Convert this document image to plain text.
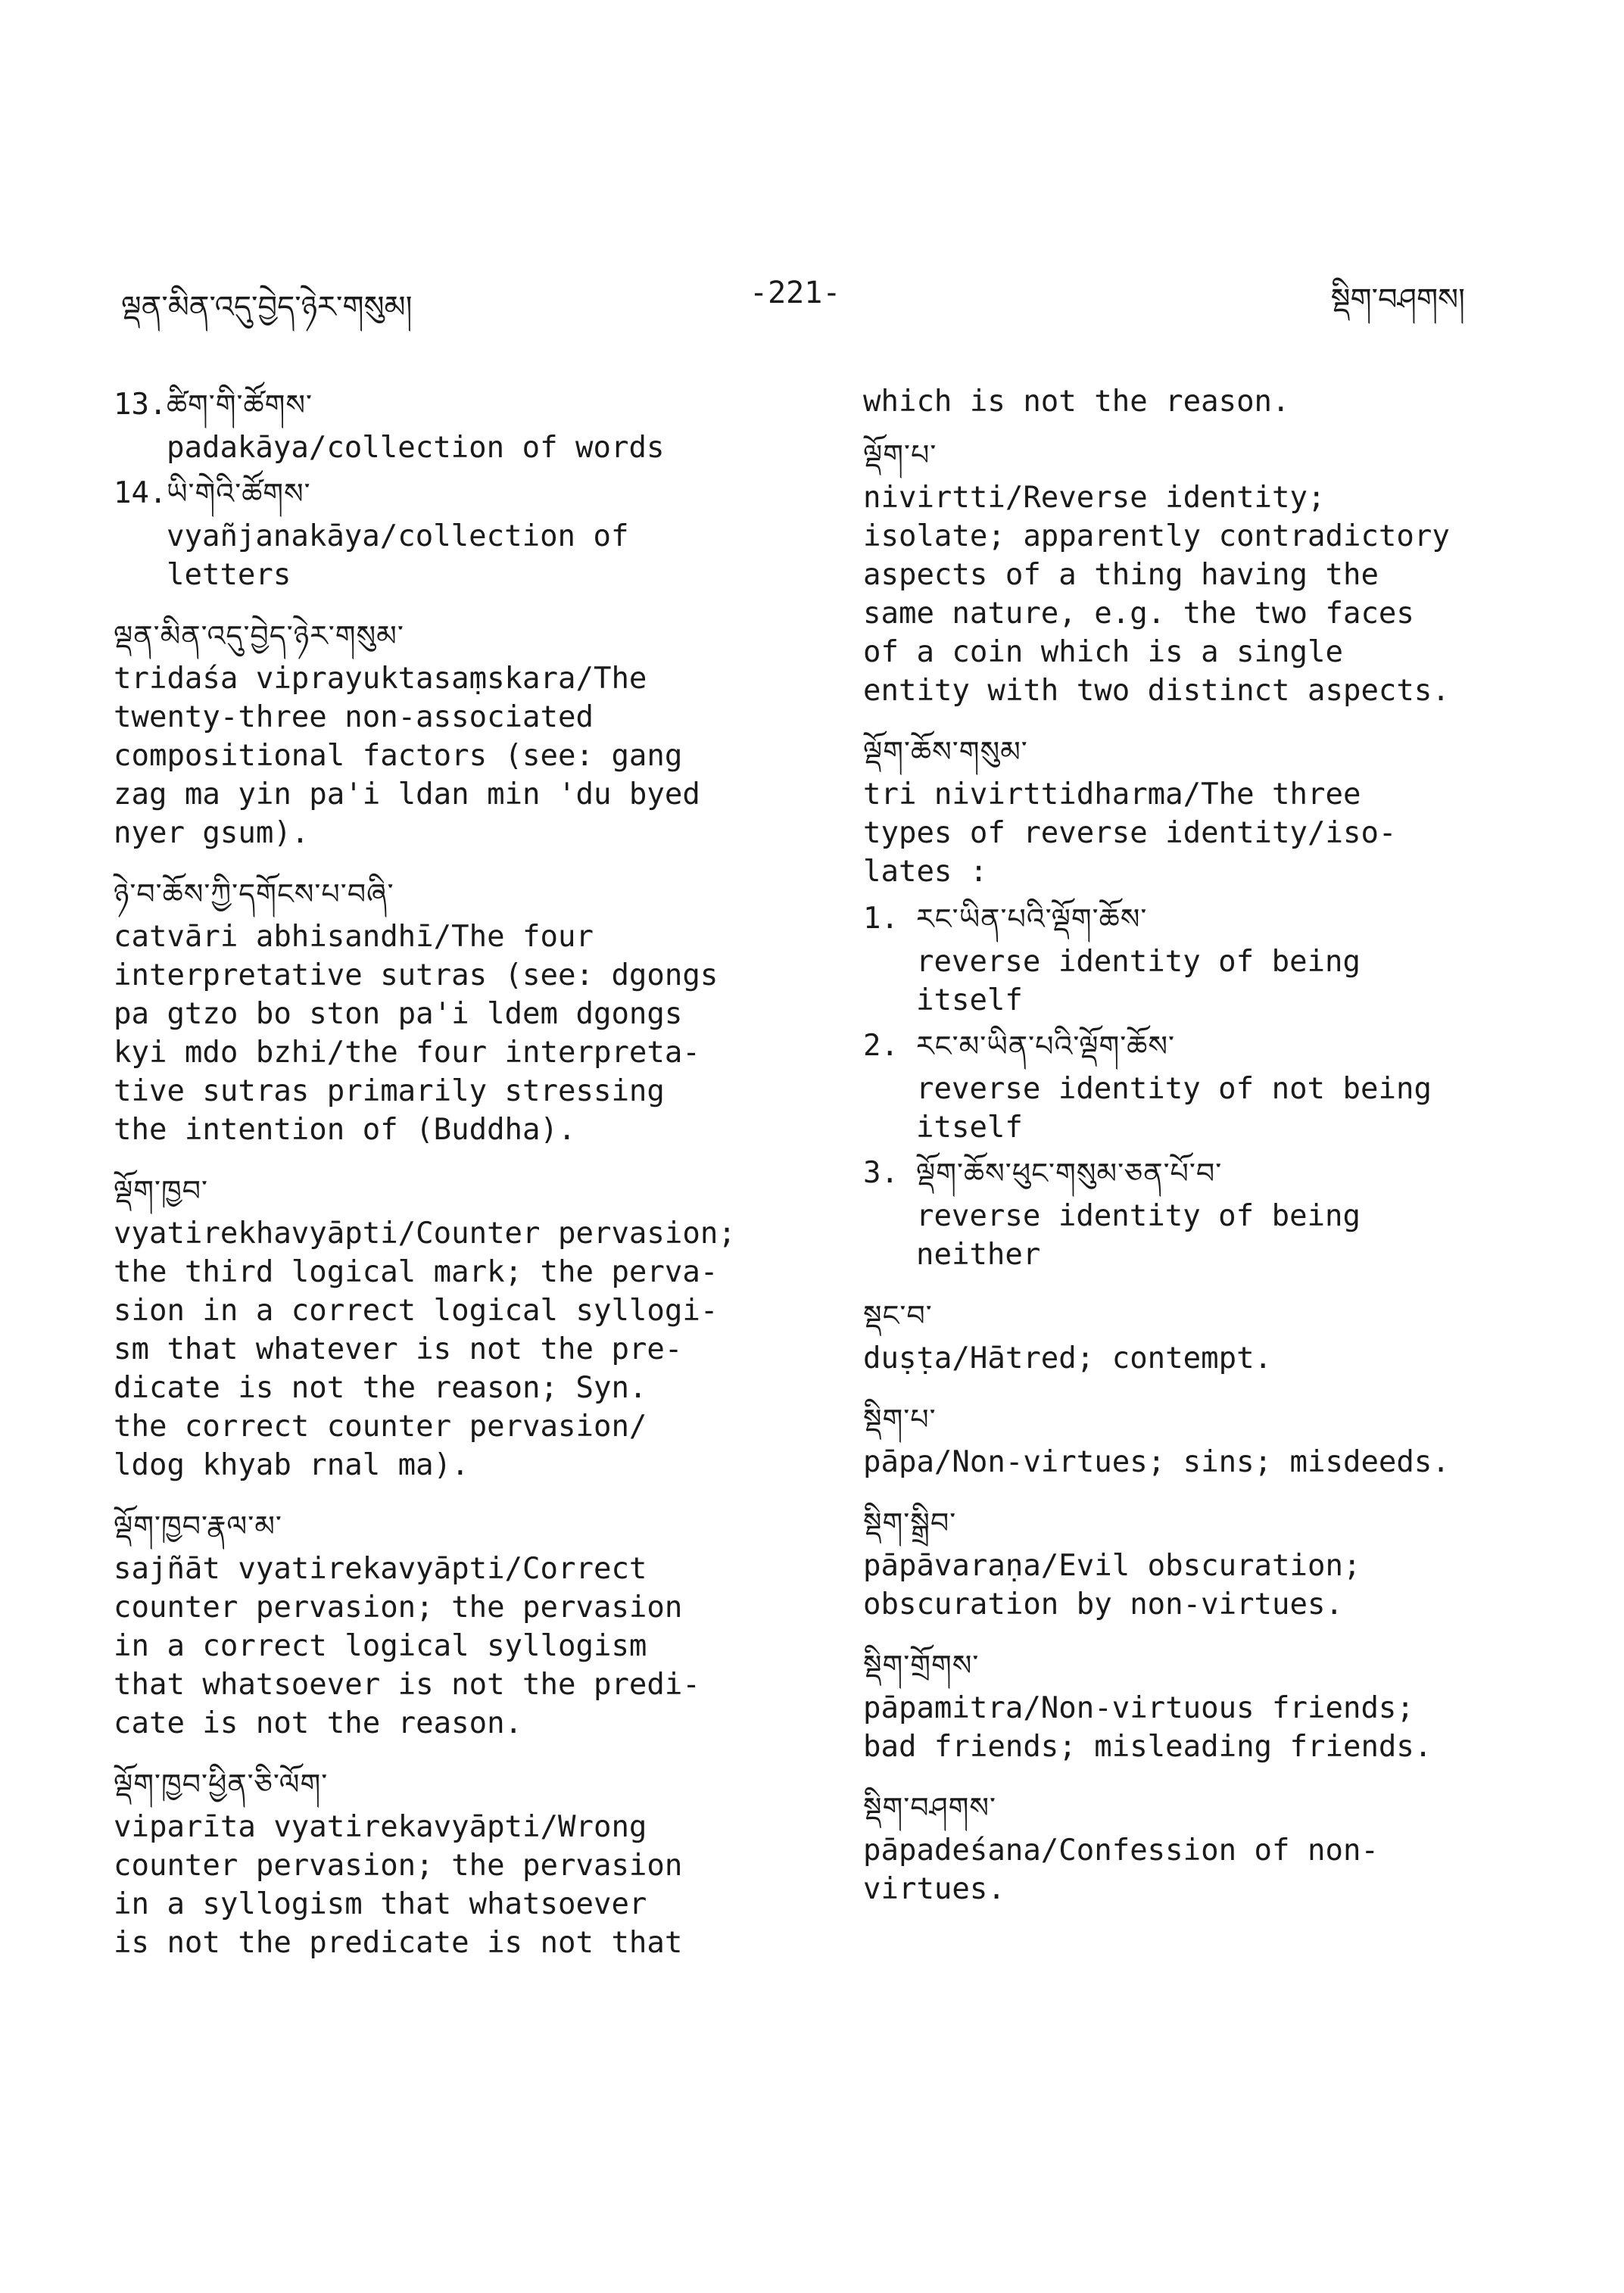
ལྡན་མིན་འདུ་བྱེད་ཉེར་གསུམ།	-221-	སྡིག་བཤགས།
13. ཚིག་གི་ཚོགས་

padakāya/collection of words

14. ཡི་གེའི་ཚོགས་

vyañjanakāya/collection of
letters

ལྡན་མིན་འདུ་བྱེད་ཉེར་གསུམ་

tridaśa viprayuktasaṃskara/The
twenty-three non-associated
compositional factors (see: gang
zag ma yin pa'i ldan min 'du byed
nyer gsum).

ཉེ་བ་ཆོས་ཀྱི་དགོངས་པ་བཞི་

catvāri abhisandhī/The four
interpretative sutras (see: dgongs
pa gtzo bo ston pa'i ldem dgongs
kyi mdo bzhi/the four interpreta-
tive sutras primarily stressing
the intention of (Buddha).

ལྡོག་ཁྱབ་

vyatirekhavyāpti/Counter pervasion;
the third logical mark; the perva-
sion in a correct logical syllogi-
sm that whatever is not the pre-
dicate is not the reason; Syn.
the correct counter pervasion/
ldog khyab rnal ma).

ལྡོག་ཁྱབ་རྣལ་མ་

sajñāt vyatirekavyāpti/Correct
counter pervasion; the pervasion
in a correct logical syllogism
that whatsoever is not the predi-
cate is not the reason.

ལྡོག་ཁྱབ་ཕྱིན་ཅི་ལོག་

viparīta vyatirekavyāpti/Wrong
counter pervasion; the pervasion
in a syllogism that whatsoever
is not the predicate is not that

which is not the reason.

ལྡོག་པ་

nivirtti/Reverse identity;
isolate; apparently contradictory
aspects of a thing having the
same nature, e.g. the two faces
of a coin which is a single
entity with two distinct aspects.

ལྡོག་ཆོས་གསུམ་

tri nivirttidharma/The three
types of reverse identity/iso-
lates :

1. རང་ཡིན་པའི་ལྡོག་ཆོས་

reverse identity of being
itself

2. རང་མ་ཡིན་པའི་ལྡོག་ཆོས་

reverse identity of not being
itself

3. ལྡོག་ཆོས་ཕུང་གསུམ་ཅན་པོ་བ་

reverse identity of being
neither

སྡང་བ་

duṣṭa/Hātred; contempt.

སྡིག་པ་

pāpa/Non-virtues; sins; misdeeds.

སྡིག་སྒྲིབ་

pāpāvaraṇa/Evil obscuration;
obscuration by non-virtues.

སྡིག་གྲོགས་

pāpamitra/Non-virtuous friends;
bad friends; misleading friends.

སྡིག་བཤགས་

pāpadeśana/Confession of non-
virtues.
